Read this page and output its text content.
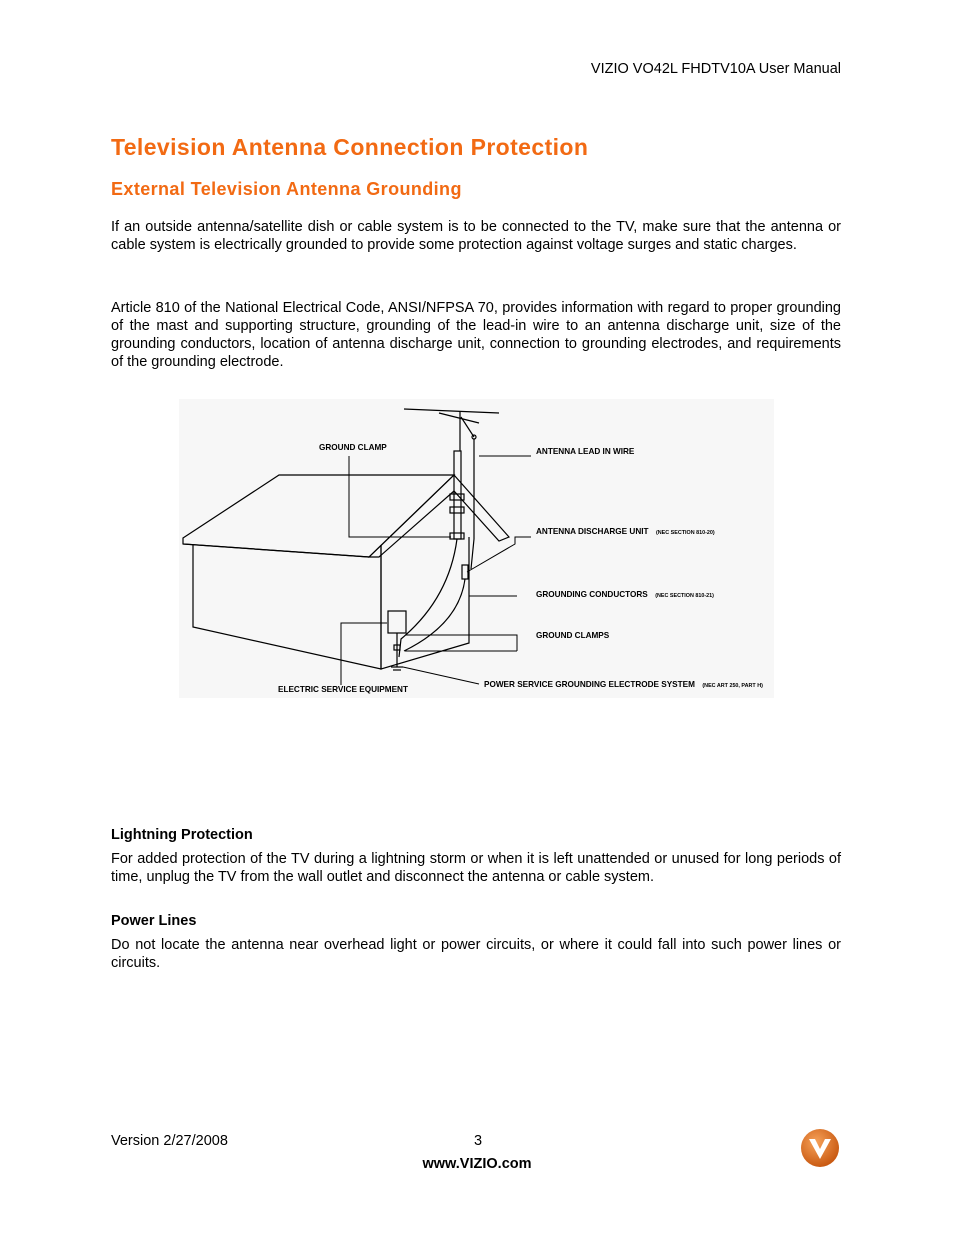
VIZIO VO42L FHDTV10A User Manual
Television Antenna Connection Protection
External Television Antenna Grounding

If an outside antenna/satellite dish or cable system is to be connected to the TV, make sure that the antenna or cable system is electrically grounded to provide some protection against voltage surges and static charges.

Article 810 of the National Electrical Code, ANSI/NFPSA 70, provides information with regard to proper grounding of the mast and supporting structure, grounding of the lead-in wire to an antenna discharge unit, size of the grounding conductors, location of antenna discharge unit, connection to grounding electrodes, and requirements of the grounding electrode.

GROUND CLAMP	ANTENNA LEAD IN WIRE
ANTENNA DISCHARGE UNIT (NEC SECTION 810-20)
GROUNDING CONDUCTORS (NEC SECTION 810-21)
GROUND CLAMPS
ELECTRIC SERVICE EQUIPMENT
POWER SERVICE GROUNDING ELECTRODE SYSTEM (NEC ART 250, PART H)
Lightning Protection

For added protection of the TV during a lightning storm or when it is left unattended or unused for long periods of time, unplug the TV from the wall outlet and disconnect the antenna or cable system.

Power Lines

Do not locate the antenna near overhead light or power circuits, or where it could fall into such power lines or circuits.

Version 2/27/2008	3
www.VIZIO.com
